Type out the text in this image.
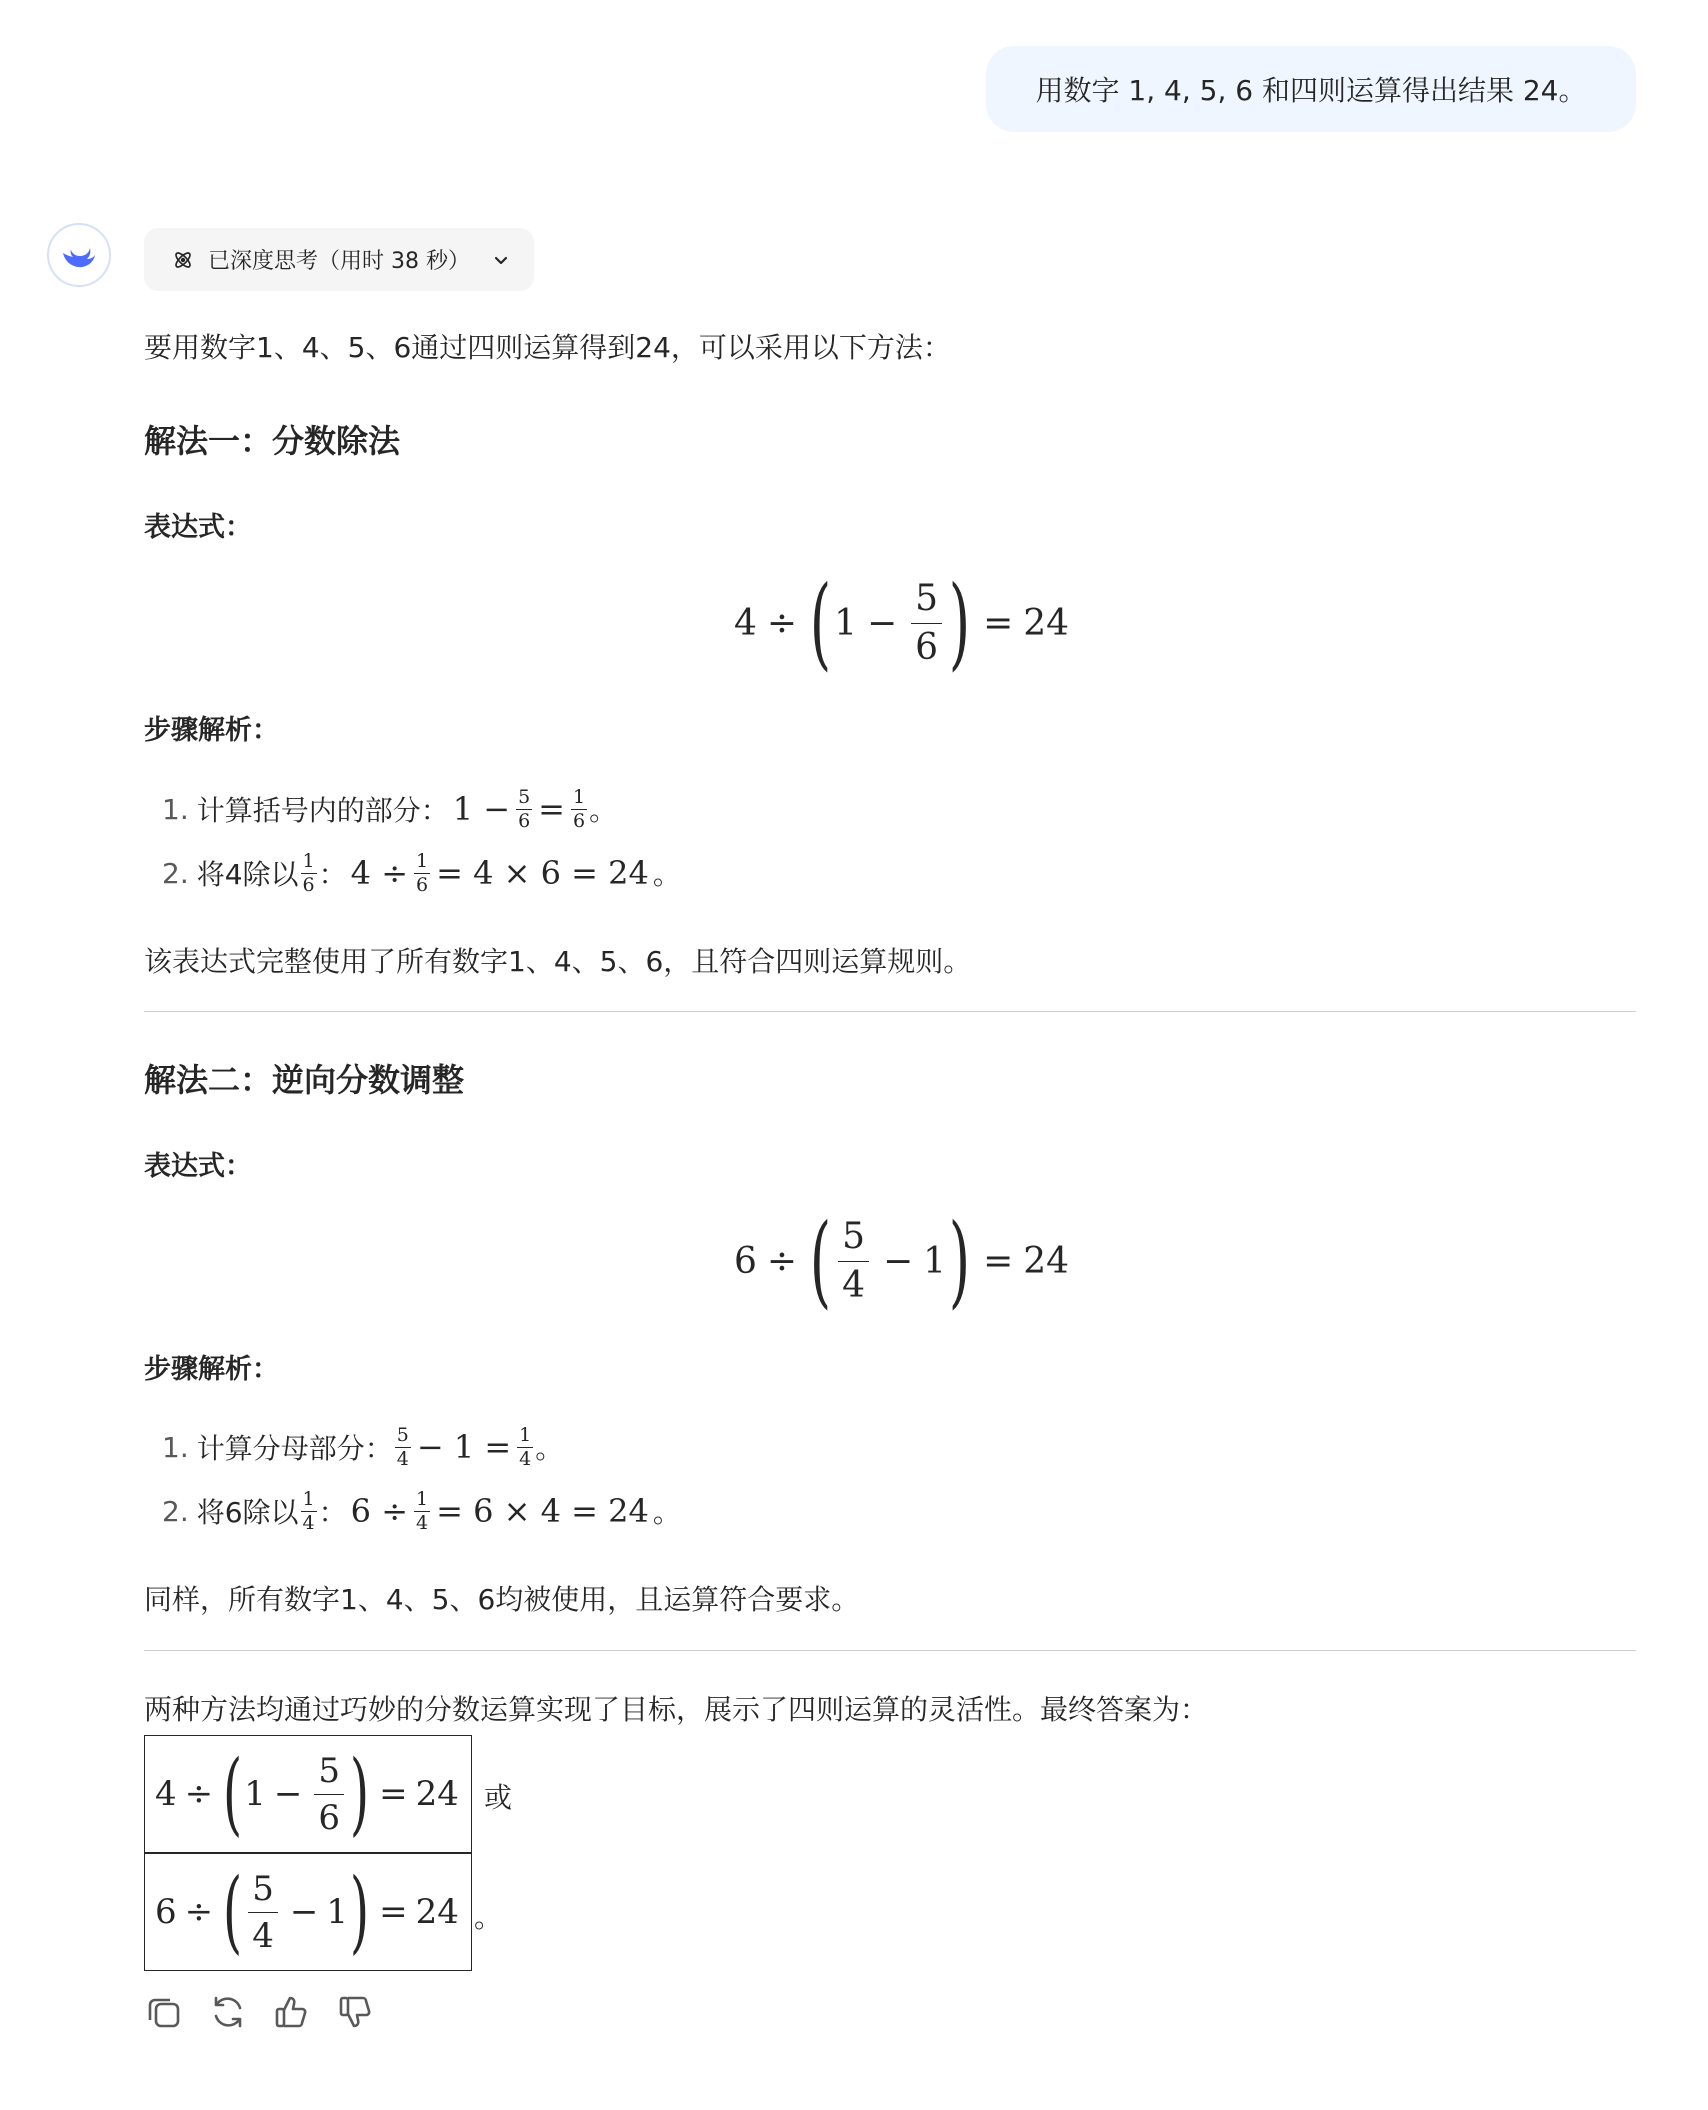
用数字 1, 4, 5, 6 和四则运算得出结果 24。
已深度思考（用时 38 秒）
要用数字1、4、5、6通过四则运算得到24，可以采用以下方法：
解法一：分数除法
表达式：
4 ÷ ( $1 - \frac{5}{6}$ ) = 24
步骤解析：
1. 计算括号内的部分： $1 - \frac{5}{6} = \frac{1}{6}$ 。
2. 将4除以 $\frac{1}{6}$ ： $4 \div \frac{1}{6} = 4 \times 6 = 24$ 。
该表达式完整使用了所有数字1、4、5、6，且符合四则运算规则。
解法二：逆向分数调整
表达式：
6 ÷ ( $\frac{5}{4} - 1$ ) = 24
步骤解析：
1. 计算分母部分： $\frac{5}{4} - 1 = \frac{1}{4}$ 。
2. 将6除以 $\frac{1}{4}$ ： $6 \div \frac{1}{4} = 6 \times 4 = 24$ 。
同样，所有数字1、4、5、6均被使用，且运算符合要求。
两种方法均通过巧妙的分数运算实现了目标，展示了四则运算的灵活性。最终答案为：
4 ÷ ( $1 - \frac{5}{6}$ ) = 24 或
6 ÷ ( $\frac{5}{4} - 1$ ) = 24 。
